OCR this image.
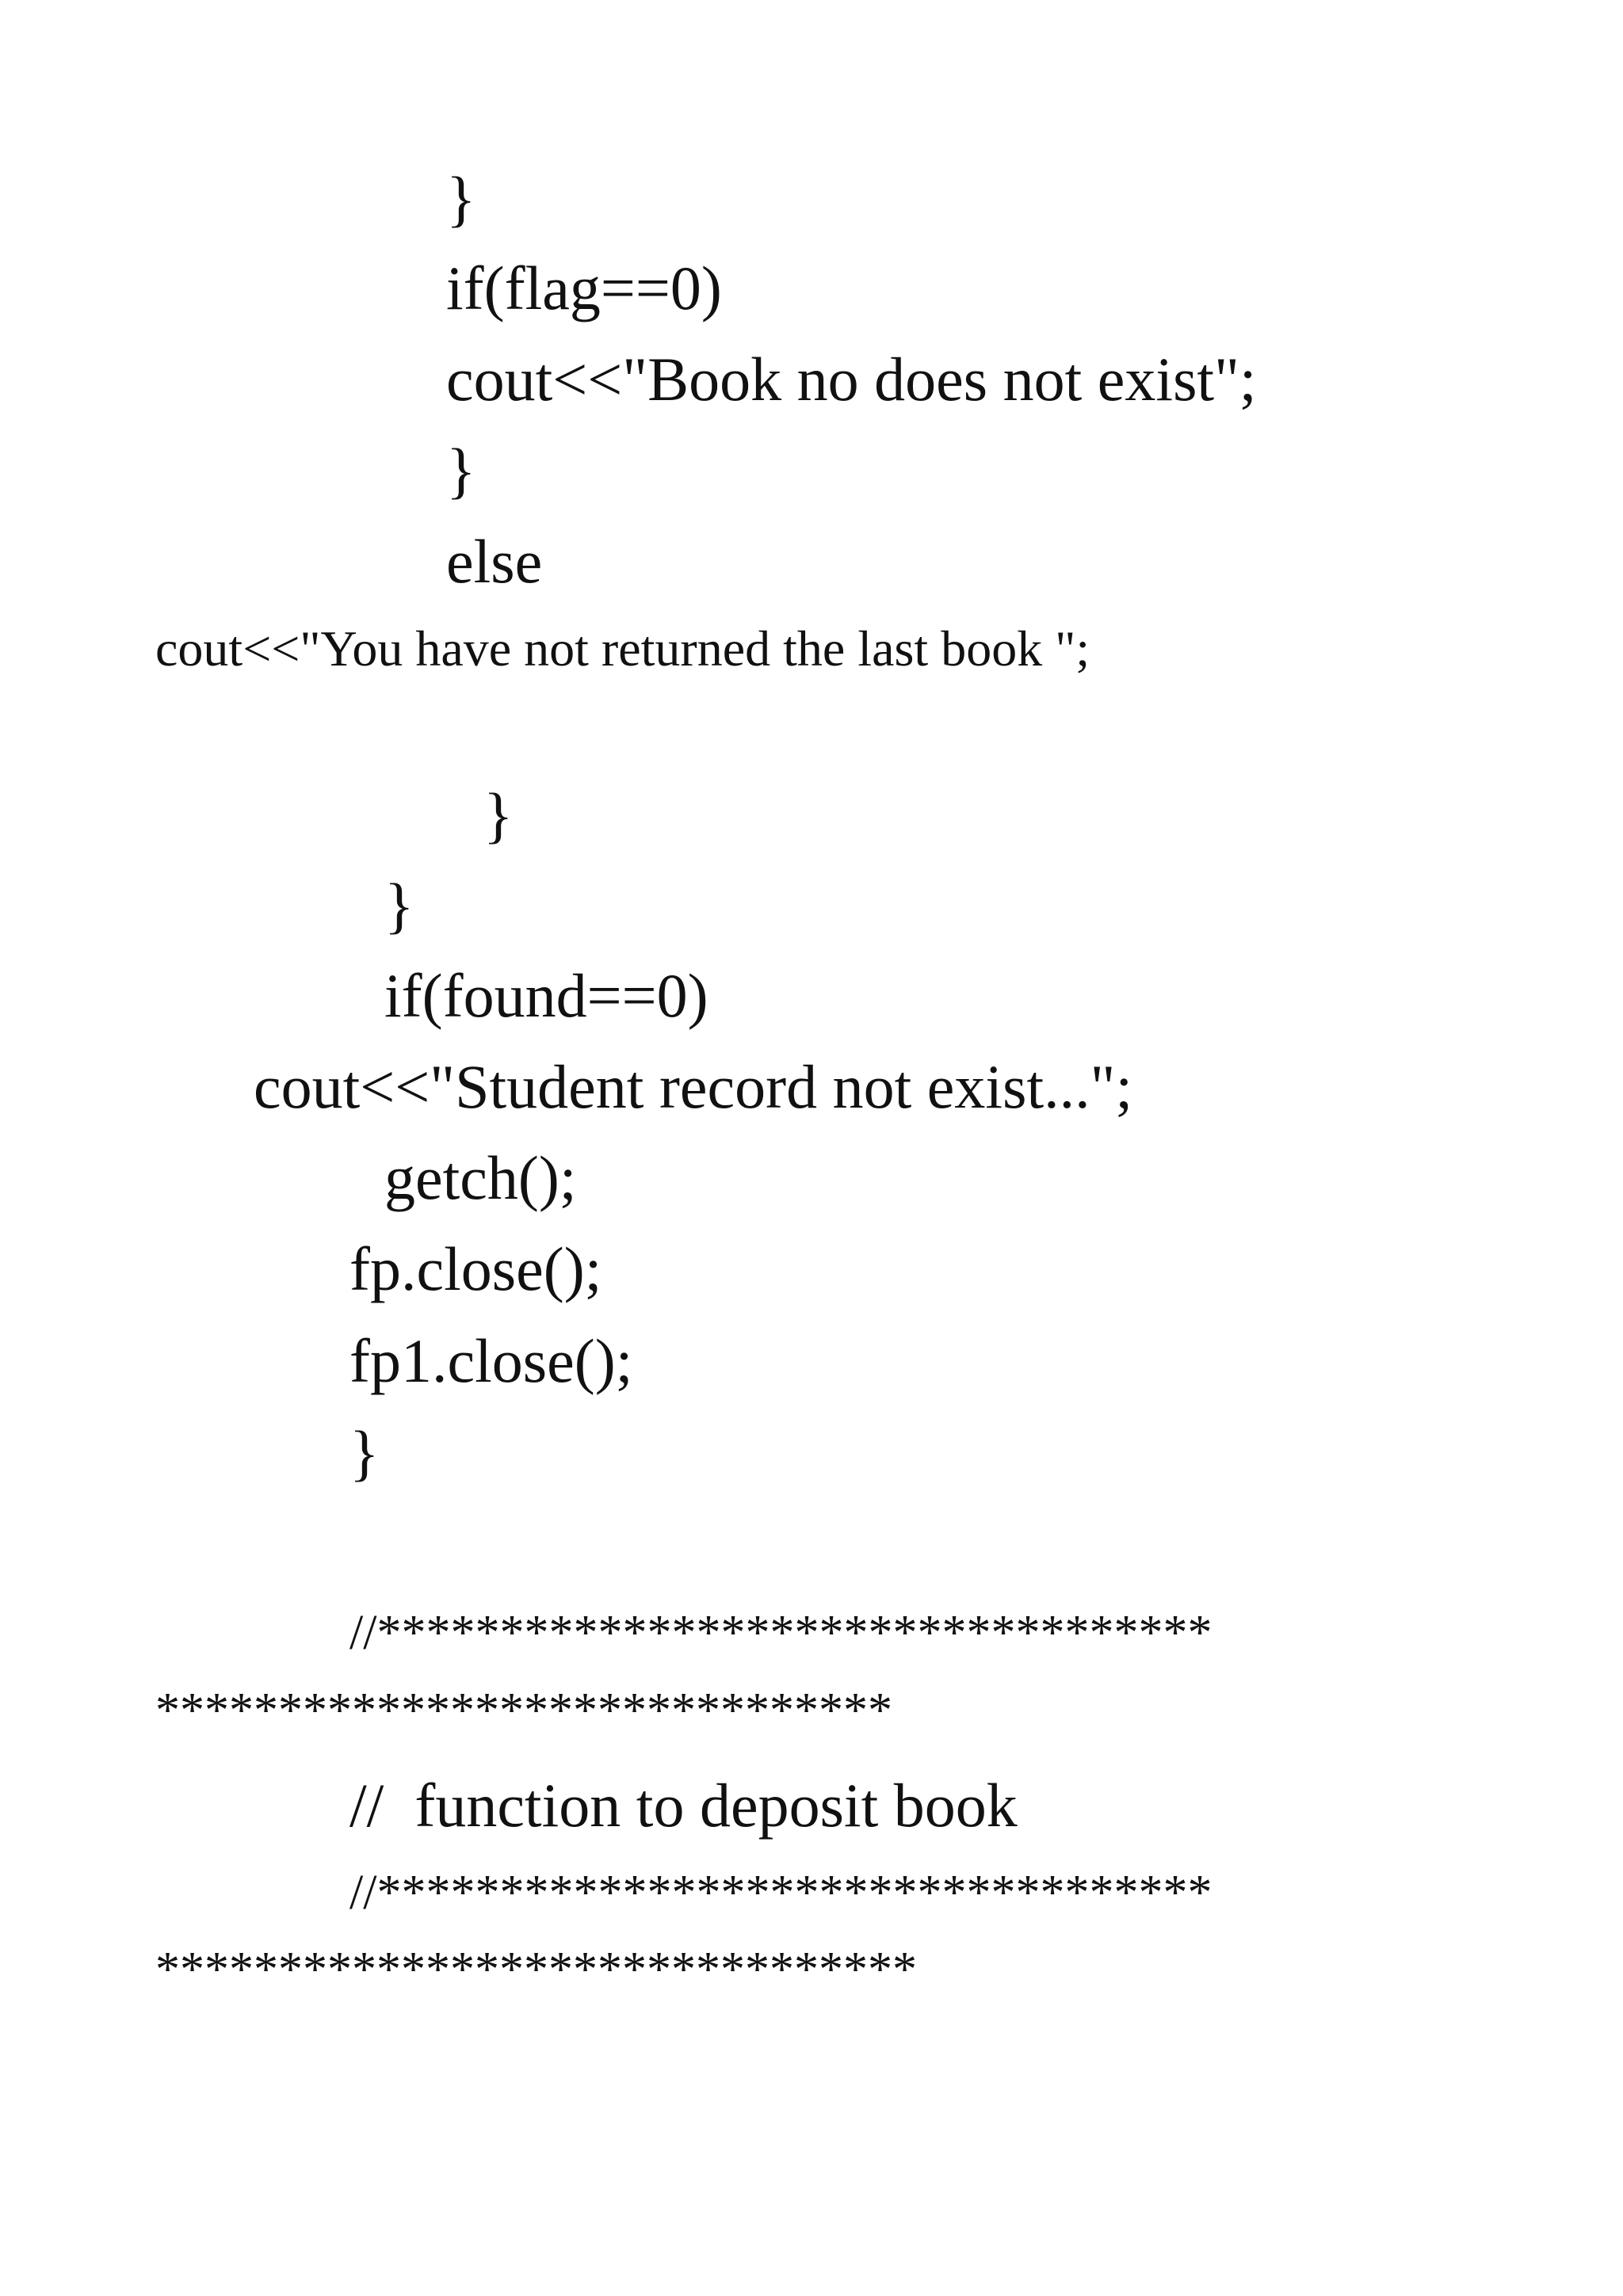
}
if(flag==0)
cout<<"Book no does not exist";
}
else
cout<<"You have not returned the last book ";
}
}
if(found==0)
cout<<"Student record not exist...";
getch();
fp.close();
fp1.close();
}
//**********************************
******************************
//  function to deposit book
//**********************************
*******************************
